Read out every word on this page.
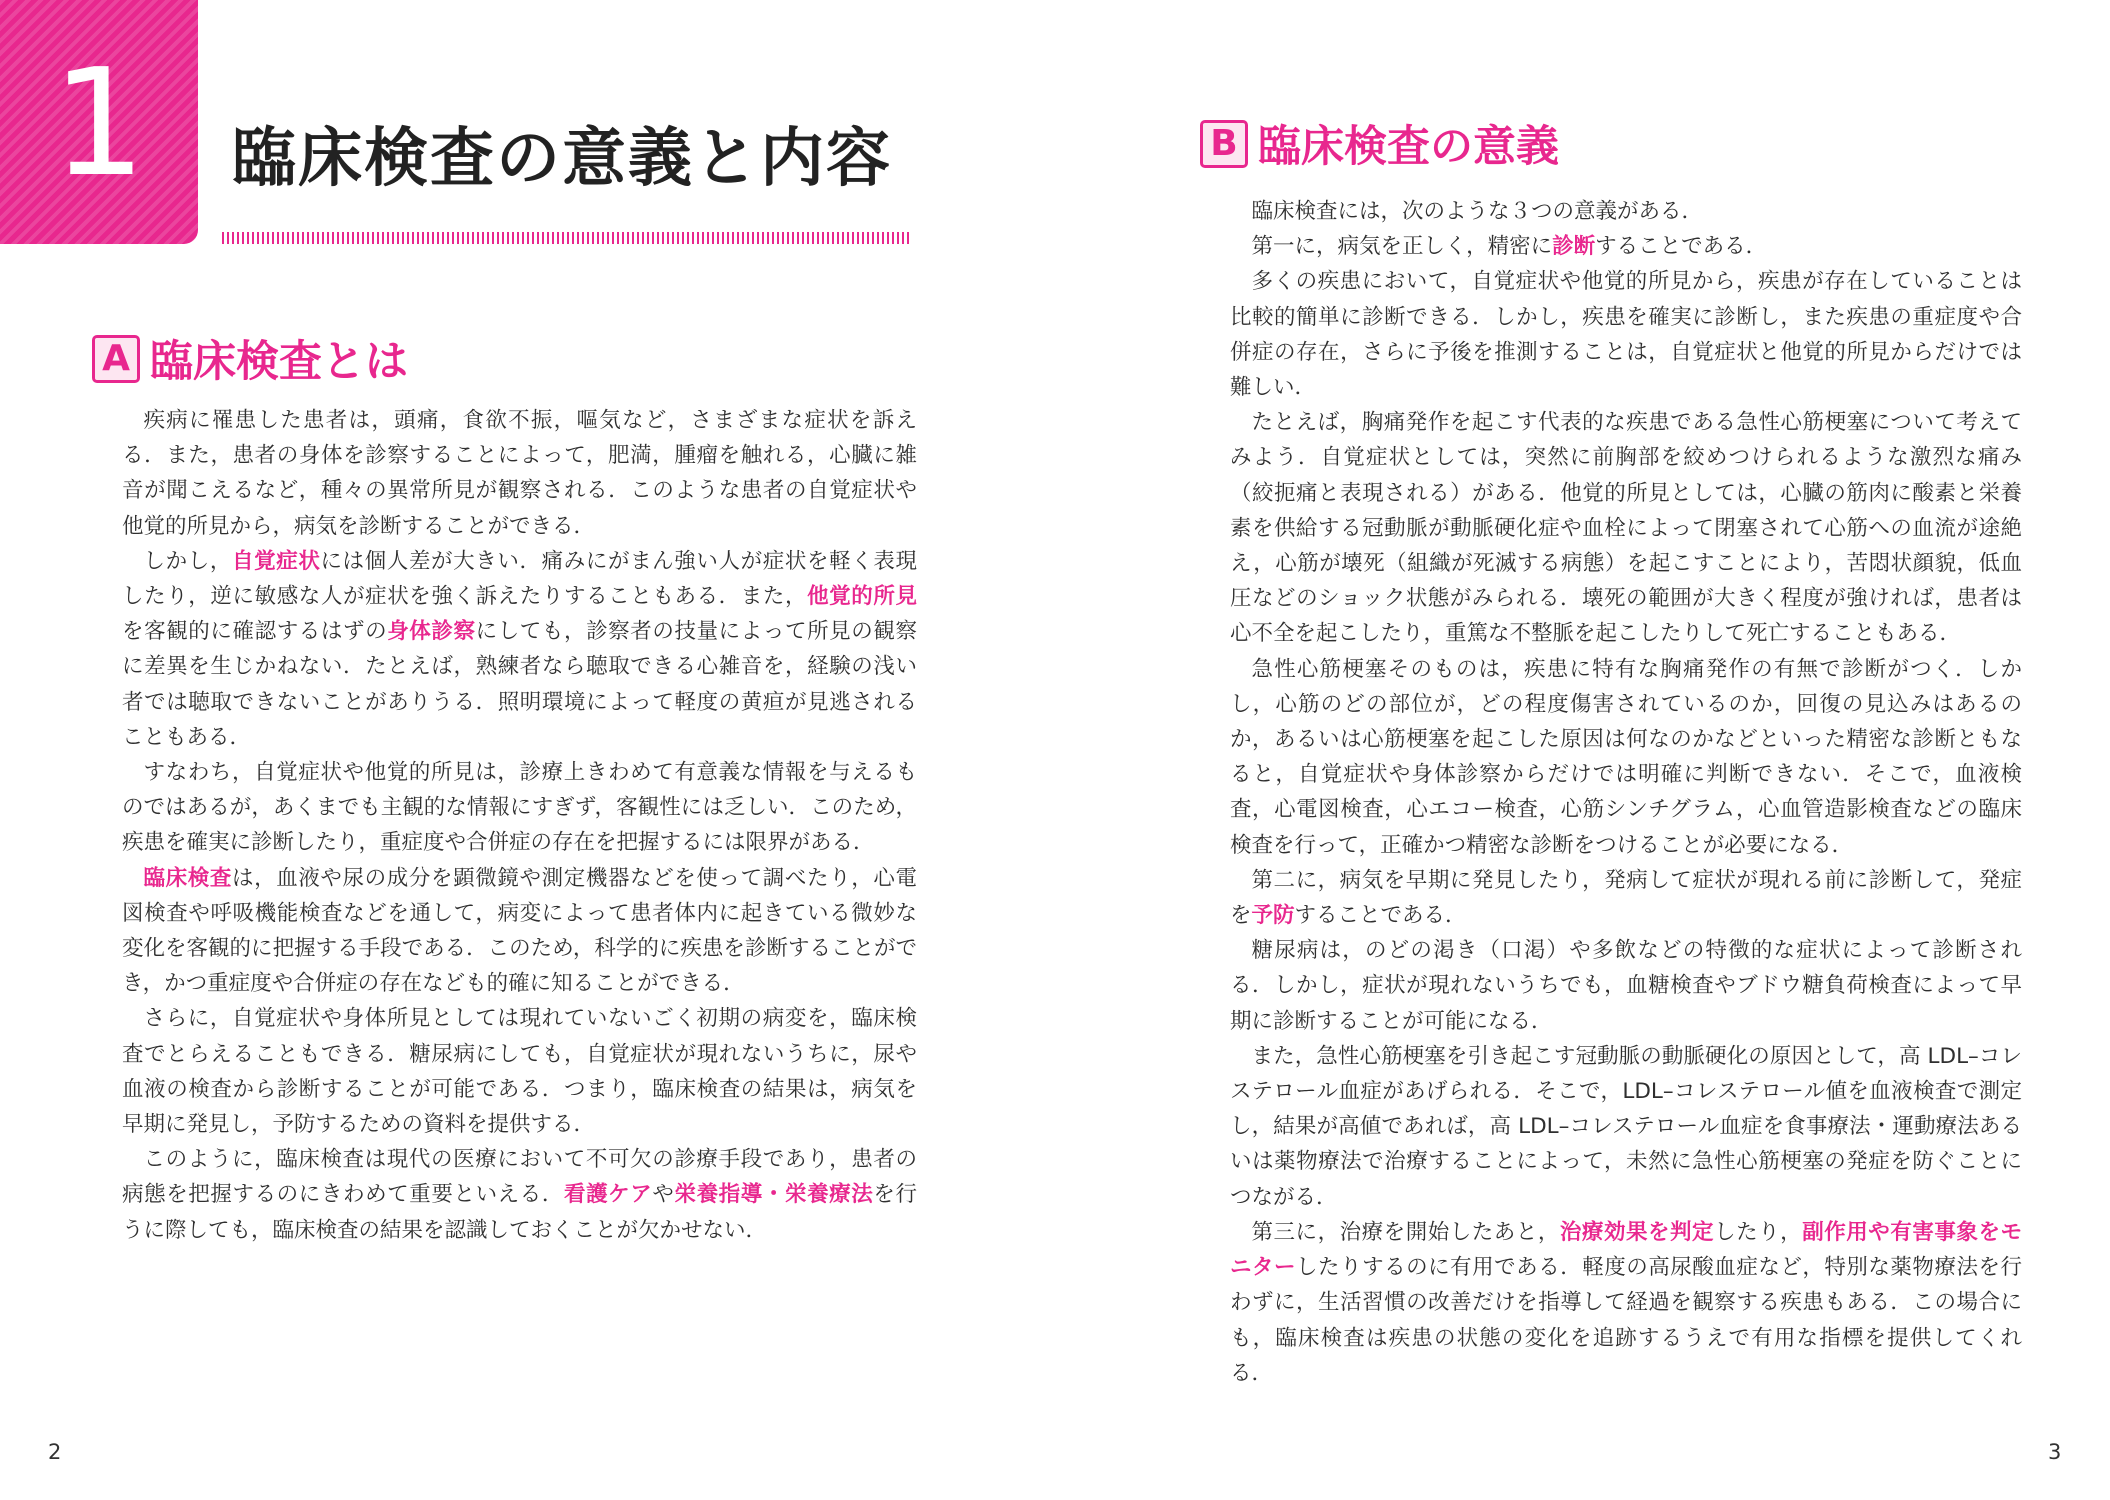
1	臨床検査の意義と内容
A 臨床検査とは

疾病に罹患した患者は，頭痛，食欲不振，嘔気など，さまざまな症状を訴える．また，患者の身体を診察することによって，肥満，腫瘤を触れる，心臓に雑音が聞こえるなど，種々の異常所見が観察される．このような患者の自覚症状や他覚的所見から，病気を診断することができる．

しかし，自覚症状には個人差が大きい．痛みにがまん強い人が症状を軽く表現したり，逆に敏感な人が症状を強く訴えたりすることもある．また，他覚的所見を客観的に確認するはずの身体診察にしても，診察者の技量によって所見の観察に差異を生じかねない．たとえば，熟練者なら聴取できる心雑音を，経験の浅い者では聴取できないことがありうる．照明環境によって軽度の黄疸が見逃されることもある．

すなわち，自覚症状や他覚的所見は，診療上きわめて有意義な情報を与えるものではあるが，あくまでも主観的な情報にすぎず，客観性には乏しい．このため，疾患を確実に診断したり，重症度や合併症の存在を把握するには限界がある．

臨床検査は，血液や尿の成分を顕微鏡や測定機器などを使って調べたり，心電図検査や呼吸機能検査などを通して，病変によって患者体内に起きている微妙な変化を客観的に把握する手段である．このため，科学的に疾患を診断することができ，かつ重症度や合併症の存在なども的確に知ることができる．

さらに，自覚症状や身体所見としては現れていないごく初期の病変を，臨床検査でとらえることもできる．糖尿病にしても，自覚症状が現れないうちに，尿や血液の検査から診断することが可能である．つまり，臨床検査の結果は，病気を早期に発見し，予防するための資料を提供する．

このように，臨床検査は現代の医療において不可欠の診療手段であり，患者の病態を把握するのにきわめて重要といえる．看護ケアや栄養指導・栄養療法を行うに際しても，臨床検査の結果を認識しておくことが欠かせない．

2
B 臨床検査の意義

臨床検査には，次のような３つの意義がある．

第一に，病気を正しく，精密に診断することである．

多くの疾患において，自覚症状や他覚的所見から，疾患が存在していることは比較的簡単に診断できる．しかし，疾患を確実に診断し，また疾患の重症度や合併症の存在，さらに予後を推測することは，自覚症状と他覚的所見からだけでは難しい．

たとえば，胸痛発作を起こす代表的な疾患である急性心筋梗塞について考えてみよう．自覚症状としては，突然に前胸部を絞めつけられるような激烈な痛み（絞扼痛と表現される）がある．他覚的所見としては，心臓の筋肉に酸素と栄養素を供給する冠動脈が動脈硬化症や血栓によって閉塞されて心筋への血流が途絶え，心筋が壊死（組織が死滅する病態）を起こすことにより，苦悶状顔貌，低血圧などのショック状態がみられる．壊死の範囲が大きく程度が強ければ，患者は心不全を起こしたり，重篤な不整脈を起こしたりして死亡することもある．

急性心筋梗塞そのものは，疾患に特有な胸痛発作の有無で診断がつく．しかし，心筋のどの部位が，どの程度傷害されているのか，回復の見込みはあるのか，あるいは心筋梗塞を起こした原因は何なのかなどといった精密な診断ともなると，自覚症状や身体診察からだけでは明確に判断できない．そこで，血液検査，心電図検査，心エコー検査，心筋シンチグラム，心血管造影検査などの臨床検査を行って，正確かつ精密な診断をつけることが必要になる．

第二に，病気を早期に発見したり，発病して症状が現れる前に診断して，発症を予防することである．

糖尿病は，のどの渇き（口渇）や多飲などの特徴的な症状によって診断される．しかし，症状が現れないうちでも，血糖検査やブドウ糖負荷検査によって早期に診断することが可能になる．

また，急性心筋梗塞を引き起こす冠動脈の動脈硬化の原因として，高 LDL–コレステロール血症があげられる．そこで，LDL–コレステロール値を血液検査で測定し，結果が高値であれば，高 LDL–コレステロール血症を食事療法・運動療法あるいは薬物療法で治療することによって，未然に急性心筋梗塞の発症を防ぐことにつながる．

第三に，治療を開始したあと，治療効果を判定したり，副作用や有害事象をモニターしたりするのに有用である．軽度の高尿酸血症など，特別な薬物療法を行わずに，生活習慣の改善だけを指導して経過を観察する疾患もある．この場合にも，臨床検査は疾患の状態の変化を追跡するうえで有用な指標を提供してくれる．

3
